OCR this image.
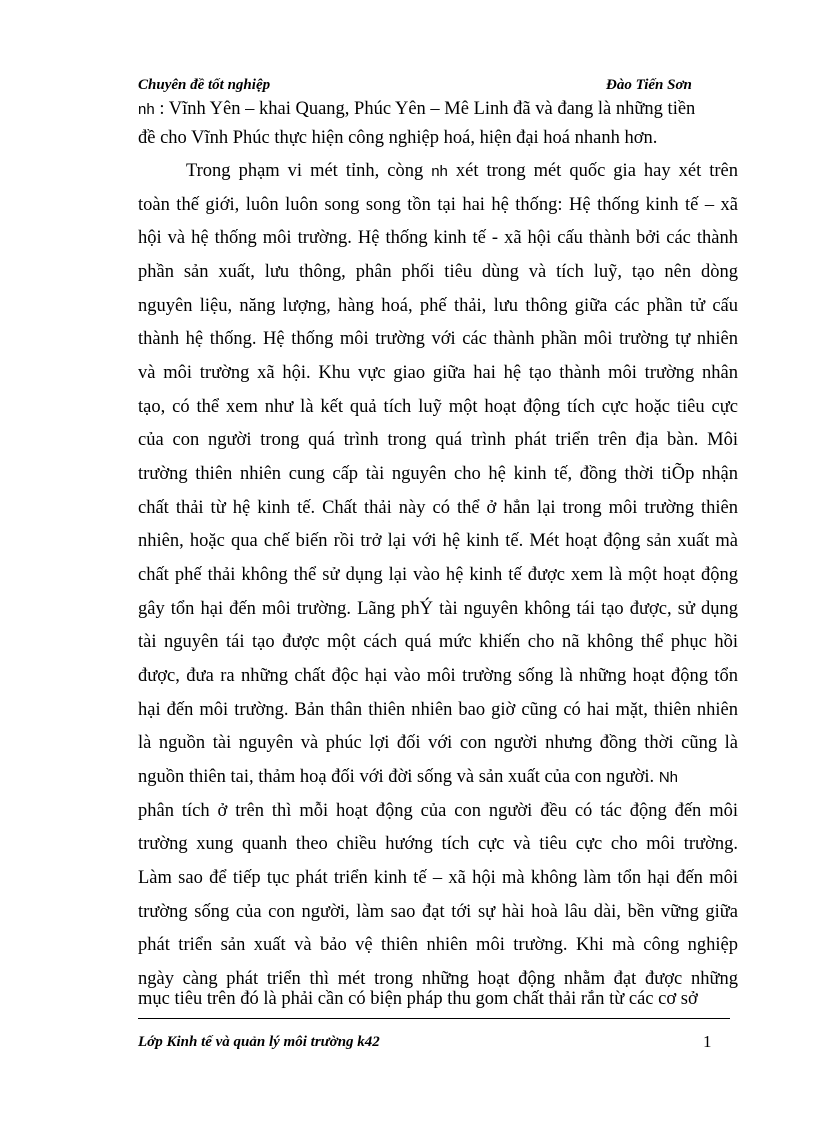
Chuyên đề tốt nghiệp	Đào Tiến Sơn
nh : Vĩnh Yên – khai Quang, Phúc Yên – Mê Linh đã và đang là những tiền
đề cho Vĩnh Phúc thực hiện công nghiệp hoá, hiện đại hoá nhanh hơn.
Trong phạm vi mét tỉnh, còng nh xét trong mét quốc gia hay xét trên
toàn thế giới, luôn luôn song song tồn tại hai hệ thống: Hệ thống kinh tế – xã
hội và hệ thống môi trường. Hệ thống kinh tế - xã hội cấu thành bởi các thành
phần sản xuất, lưu thông, phân phối tiêu dùng và tích luỹ, tạo nên dòng
nguyên liệu, năng lượng, hàng hoá, phế thải, lưu thông giữa các phần tử cấu
thành hệ thống. Hệ thống môi trường với các thành phần môi trường tự nhiên
và môi trường xã hội. Khu vực giao giữa hai hệ tạo thành môi trường nhân
tạo, có thể xem như là kết quả tích luỹ một hoạt động tích cực hoặc tiêu cực
của con người trong quá trình trong quá trình phát triển trên địa bàn. Môi
trường thiên nhiên cung cấp tài nguyên cho hệ kinh tế, đồng thời tiÕp nhận
chất thải từ hệ kinh tế. Chất thải này có thể ở hẳn lại trong môi trường thiên
nhiên, hoặc qua chế biến rồi trở lại với hệ kinh tế. Mét hoạt động sản xuất mà
chất phế thải không thể sử dụng lại vào hệ kinh tế được xem là một hoạt động
gây tổn hại đến môi trường. Lãng phÝ tài nguyên không tái tạo được, sử dụng
tài nguyên tái tạo được một cách quá mức khiến cho nã không thể phục hồi
được, đưa ra những chất độc hại vào môi trường sống là những hoạt động tổn
hại đến môi trường. Bản thân thiên nhiên bao giờ cũng có hai mặt, thiên nhiên
là nguồn tài nguyên và phúc lợi đối với con người nhưng đồng thời cũng là
nguồn thiên tai, thảm hoạ đối với đời sống và sản xuất của con người. Nh
phân tích ở trên thì mỗi hoạt động của con người đều có tác động đến môi
trường xung quanh theo chiều hướng tích cực và tiêu cực cho môi trường.
Làm sao để tiếp tục phát triển kinh tế – xã hội mà không làm tổn hại đến môi
trường sống của con người, làm sao đạt tới sự hài hoà lâu dài, bền vững giữa
phát triển sản xuất và bảo vệ thiên nhiên môi trường. Khi mà công nghiệp
ngày càng phát triển thì mét trong những hoạt động nhằm đạt được những
mục tiêu trên đó là phải cần có biện pháp thu gom chất thải rắn từ các cơ sở
Lớp Kinh tế và quản lý môi trường k42	1
